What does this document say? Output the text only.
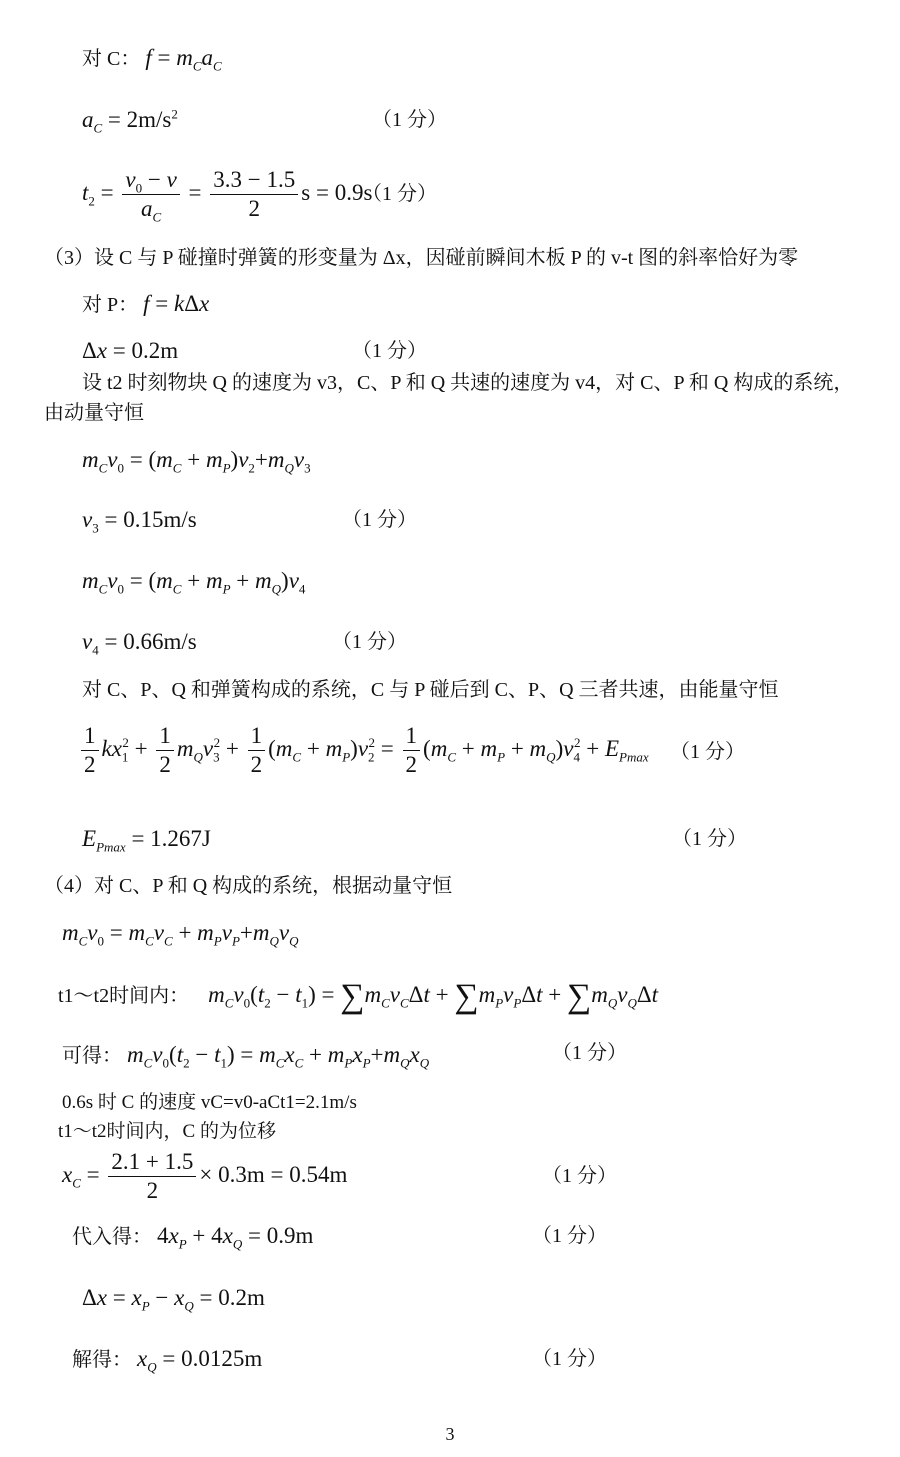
对 C： $f = m_Ca_C$
$a_C = 2m/s^2$	（1 分）
$t_2 = \frac{v_0 - v}{a_C} = \frac{3.3 - 1.5}{2}$ s = 0.9s
（1 分）
（3）设 C 与 P 碰撞时弹簧的形变量为 Δx，因碰前瞬间木板 P 的 v-t 图的斜率恰好为零
对 P： f = kΔx
Δx = 0.2m	（1 分）
设 t2 时刻物块 Q 的速度为 v3，C、P 和 Q 共速的速度为 v4，对 C、P 和 Q 构成的系统，
由动量守恒
$m_Cv_0 = (m_C + m_P)v_2+m_Qv_3$
$v_3 = 0.15m/s$	（1 分）
$m_Cv_0 = (m_C + m_P + m_Q)v_4$
$v_4 = 0.66m/s$	（1 分）
对 C、P、Q 和弹簧构成的系统，C 与 P 碰后到 C、P、Q 三者共速，由能量守恒
$\frac{1}{2} kx_1^2 + \frac{1}{2} m_Qv_3^2 + \frac{1}{2} (m_C + m_P)v_2^2 = \frac{1}{2} (m_C + m_P + m_Q)v_4^2 + E_{Pmax}$ （1 分）
$E_{Pmax} = 1.267J$	（1 分）
（4）对 C、P 和 Q 构成的系统，根据动量守恒
$m_Cv_0 = m_Cv_C + m_Pv_P+m_Qv_Q$
t1～t2时间内： $m_Cv_0(t_2 - t_1) = \sum m_Cv_C\Delta t + \sum m_Pv_P\Delta t + \sum m_Qv_Q\Delta t$
可得： $m_Cv_0(t_2 - t_1) = m_Cx_C + m_Px_P+m_Qx_Q$	（1 分）
0.6s 时 C 的速度 vC=v0-aCt1=2.1m/s
t1～t2时间内，C 的为位移
$x_C = \frac{2.1 + 1.5}{2} \times 0.3m = 0.54m$	（1 分）
代入得： $4x_P + 4x_Q = 0.9m$	（1 分）
$\Delta x = x_P - x_Q = 0.2m$
解得： $x_Q = 0.0125m$	（1 分）
3
